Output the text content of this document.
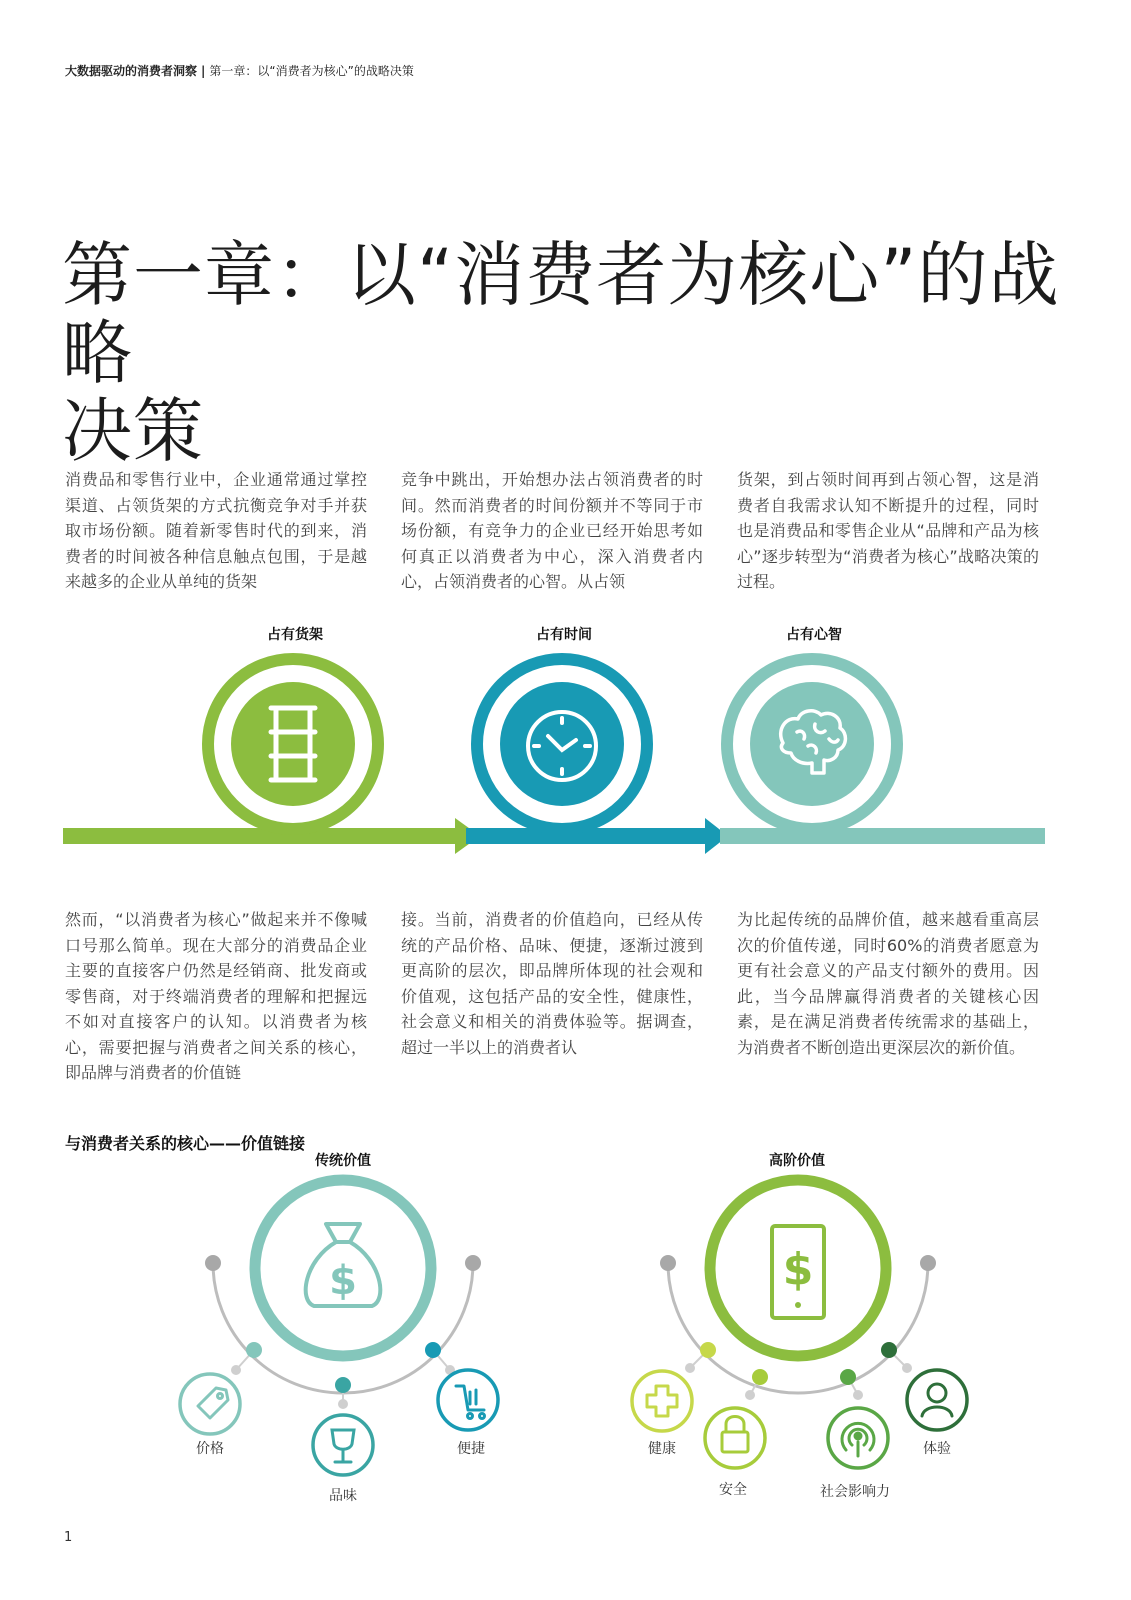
大数据驱动的消费者洞察 | 第一章：以“消费者为核心”的战略决策
第一章：以“消费者为核心”的战略
决策

消费品和零售行业中，企业通常通过掌控渠道、占领货架的方式抗衡竞争对手并获取市场份额。随着新零售时代的到来，消费者的时间被各种信息触点包围，于是越来越多的企业从单纯的货架

竞争中跳出，开始想办法占领消费者的时间。然而消费者的时间份额并不等同于市场份额，有竞争力的企业已经开始思考如何真正以消费者为中心，深入消费者内心，占领消费者的心智。从占领

货架，到占领时间再到占领心智，这是消费者自我需求认知不断提升的过程，同时也是消费品和零售企业从“品牌和产品为核心”逐步转型为“消费者为核心”战略决策的过程。

占有货架	占有时间	占有心智

然而，“以消费者为核心”做起来并不像喊口号那么简单。现在大部分的消费品企业主要的直接客户仍然是经销商、批发商或零售商，对于终端消费者的理解和把握远不如对直接客户的认知。以消费者为核心，需要把握与消费者之间关系的核心，即品牌与消费者的价值链

接。当前，消费者的价值趋向，已经从传统的产品价格、品味、便捷，逐渐过渡到更高阶的层次，即品牌所体现的社会观和价值观，这包括产品的安全性，健康性，社会意义和相关的消费体验等。据调查，超过一半以上的消费者认

为比起传统的品牌价值，越来越看重高层次的价值传递，同时60%的消费者愿意为更有社会意义的产品支付额外的费用。因此，当今品牌赢得消费者的关键核心因素，是在满足消费者传统需求的基础上，为消费者不断创造出更深层次的新价值。

与消费者关系的核心——价值链接
传统价值	高阶价值
$
价格
品味
便捷
$
健康
安全	社会影响力
体验
1
